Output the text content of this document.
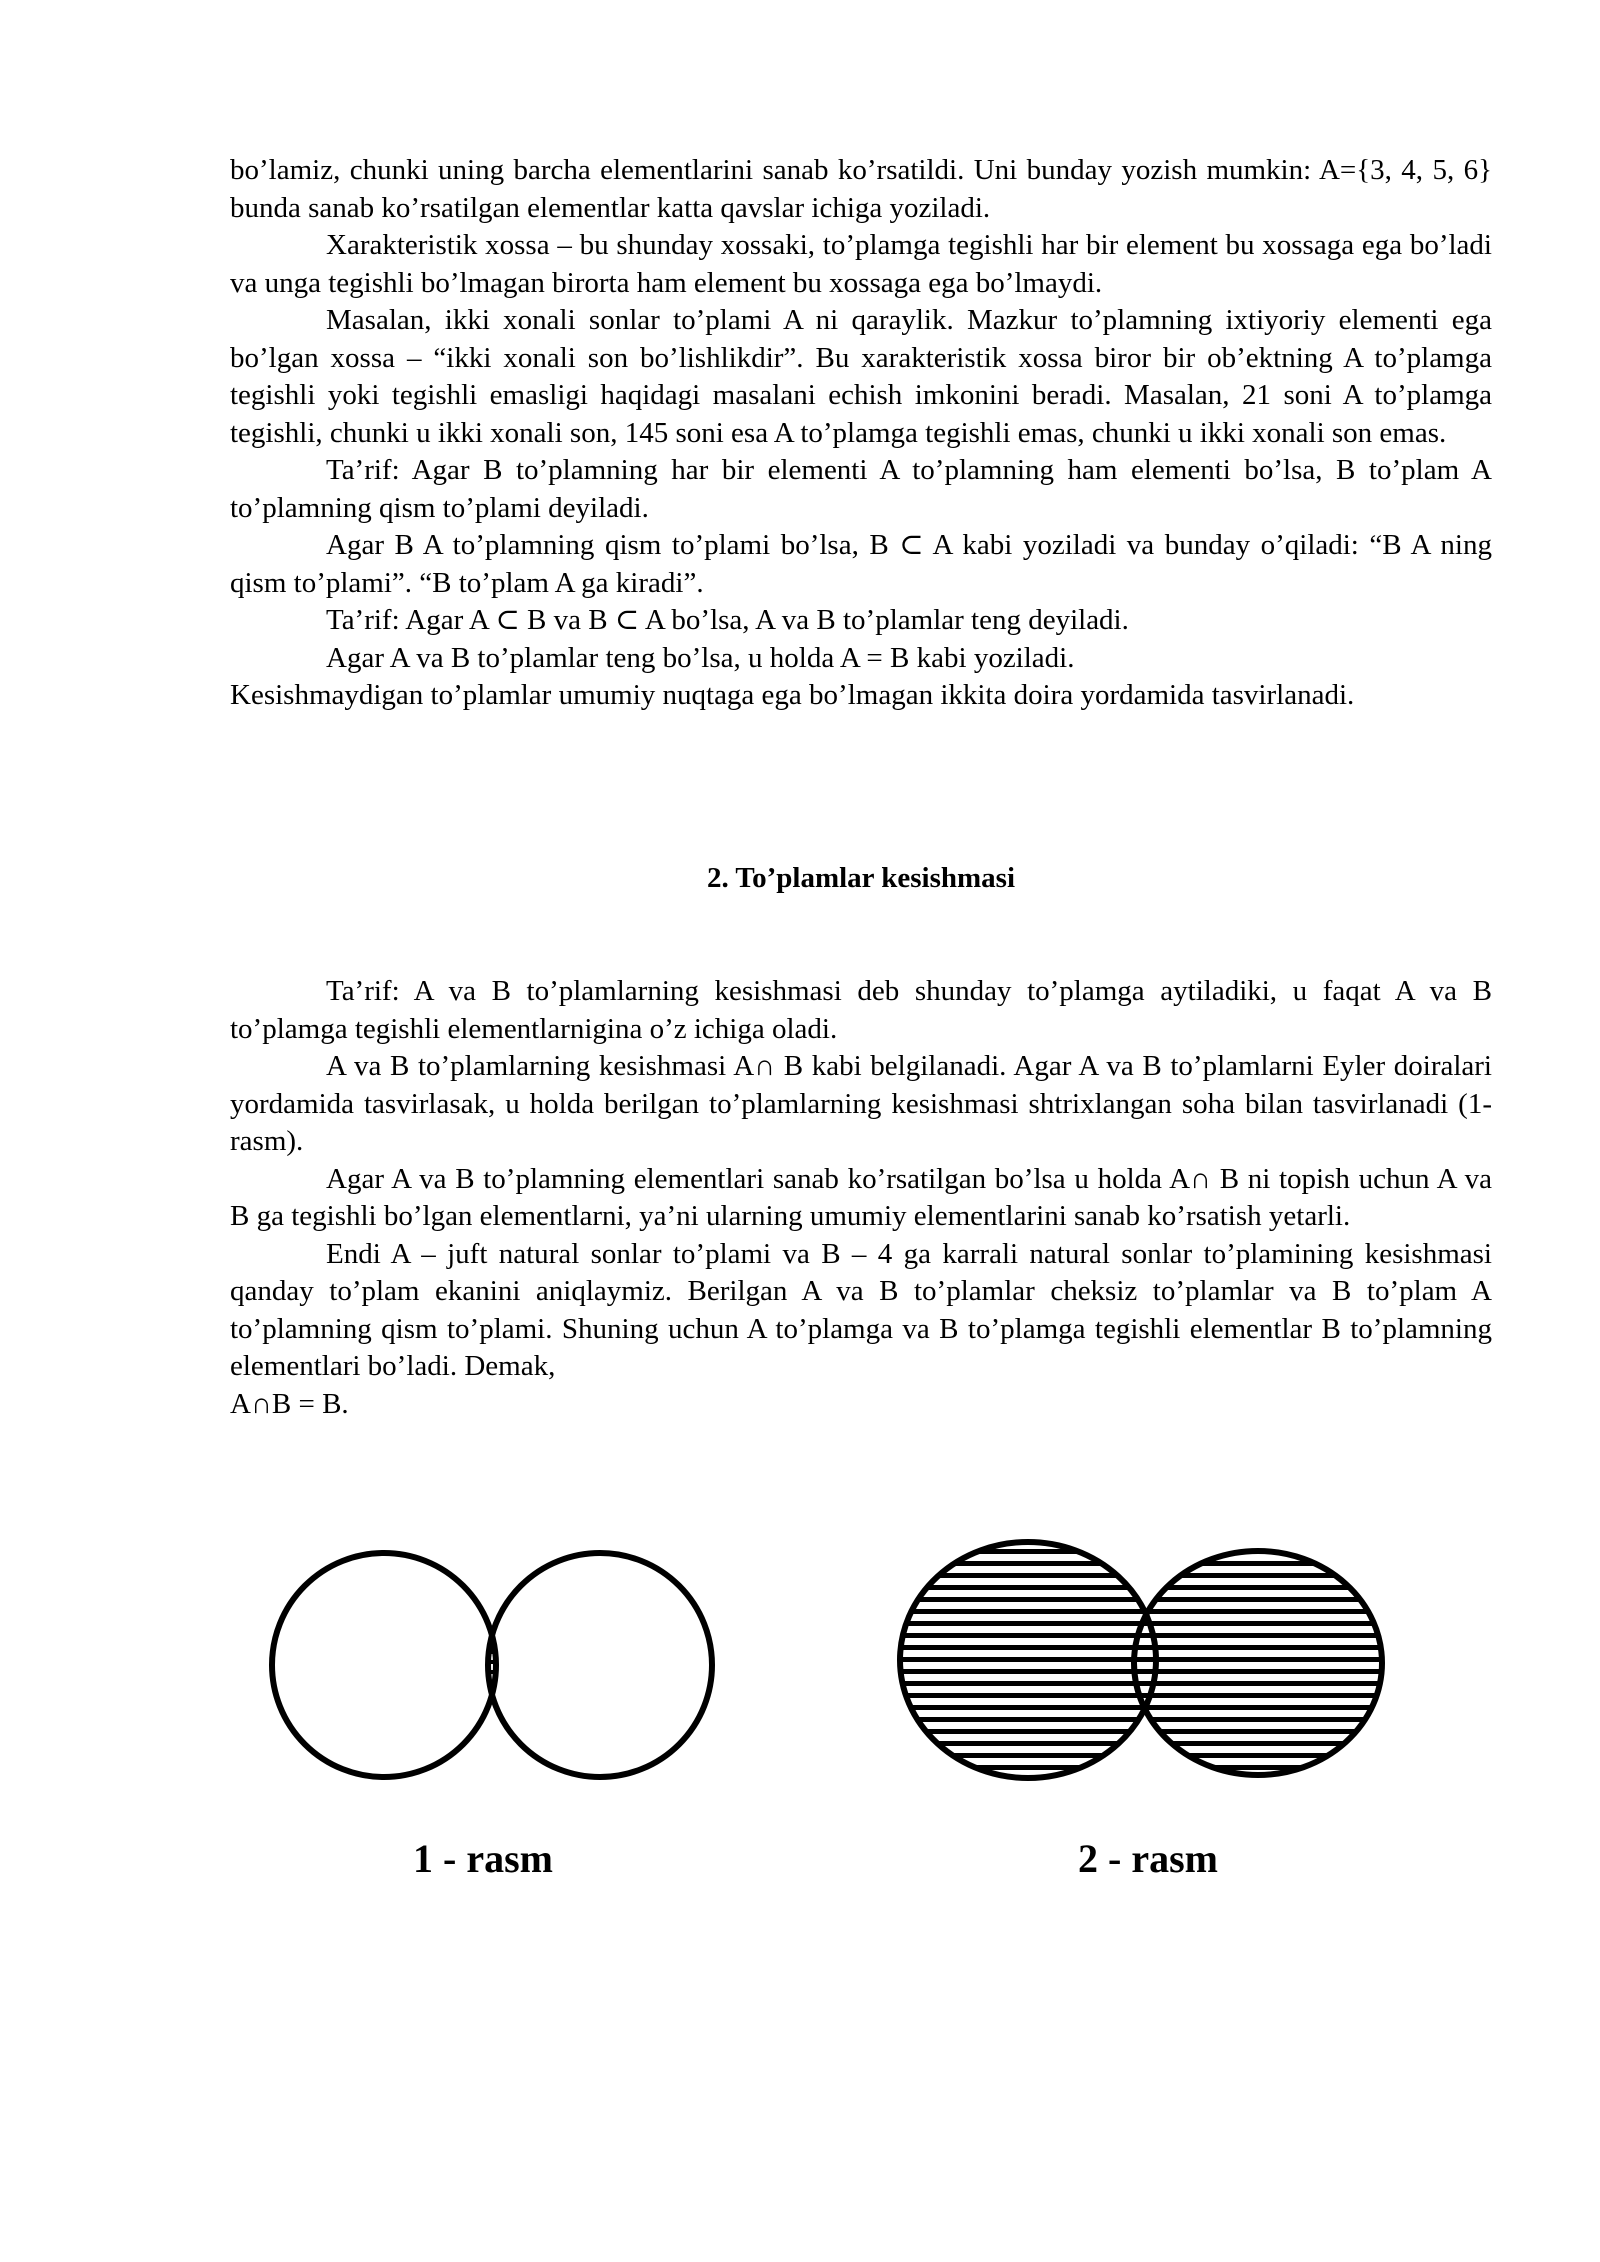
bo’lamiz, chunki uning barcha elementlarini sanab ko’rsatildi. Uni bunday yozish mumkin: A={3, 4, 5, 6} bunda sanab ko’rsatilgan elementlar katta qavslar ichiga yoziladi.

Xarakteristik xossa – bu shunday xossaki, to’plamga tegishli har bir element bu xossaga ega bo’ladi va unga tegishli bo’lmagan birorta ham element bu xossaga ega bo’lmaydi.

Masalan, ikki xonali sonlar to’plami A ni qaraylik. Mazkur to’plamning ixtiyoriy elementi ega bo’lgan xossa – “ikki xonali son bo’lishlikdir”. Bu xarakteristik xossa biror bir ob’ektning A to’plamga tegishli yoki tegishli emasligi haqidagi masalani echish imkonini beradi. Masalan, 21 soni A to’plamga tegishli, chunki u ikki xonali son, 145 soni esa A to’plamga tegishli emas, chunki u ikki xonali son emas.

Ta’rif: Agar B to’plamning har bir elementi A to’plamning ham elementi bo’lsa, B to’plam A to’plamning qism to’plami deyiladi.

Agar B A to’plamning qism to’plami bo’lsa, B ⊂ A kabi yoziladi va bunday o’qiladi: “B A ning qism to’plami”. “B to’plam A ga kiradi”.

Ta’rif: Agar A ⊂ B va B ⊂ A bo’lsa, A va B to’plamlar teng deyiladi.

Agar A va B to’plamlar teng bo’lsa, u holda A = B kabi yoziladi.

Kesishmaydigan to’plamlar umumiy nuqtaga ega bo’lmagan ikkita doira yordamida tasvirlanadi.

2. To’plamlar kesishmasi

Ta’rif: A va B to’plamlarning kesishmasi deb shunday to’plamga aytiladiki, u faqat A va B to’plamga tegishli elementlarnigina o’z ichiga oladi.

A va B to’plamlarning kesishmasi A∩ B kabi belgilanadi. Agar A va B to’plamlarni Eyler doiralari yordamida tasvirlasak, u holda berilgan to’plamlarning kesishmasi shtrixlangan soha bilan tasvirlanadi (1-rasm).

Agar A va B to’plamning elementlari sanab ko’rsatilgan bo’lsa u holda A∩ B ni topish uchun A va B ga tegishli bo’lgan elementlarni, ya’ni ularning umumiy elementlarini sanab ko’rsatish yetarli.

Endi A – juft natural sonlar to’plami va B – 4 ga karrali natural sonlar to’plamining kesishmasi qanday to’plam ekanini aniqlaymiz. Berilgan A va B to’plamlar cheksiz to’plamlar va B to’plam A to’plamning qism to’plami. Shuning uchun A to’plamga va B to’plamga tegishli elementlar B to’plamning elementlari bo’ladi. Demak,

A∩B = B.

1 - rasm	2 - rasm
